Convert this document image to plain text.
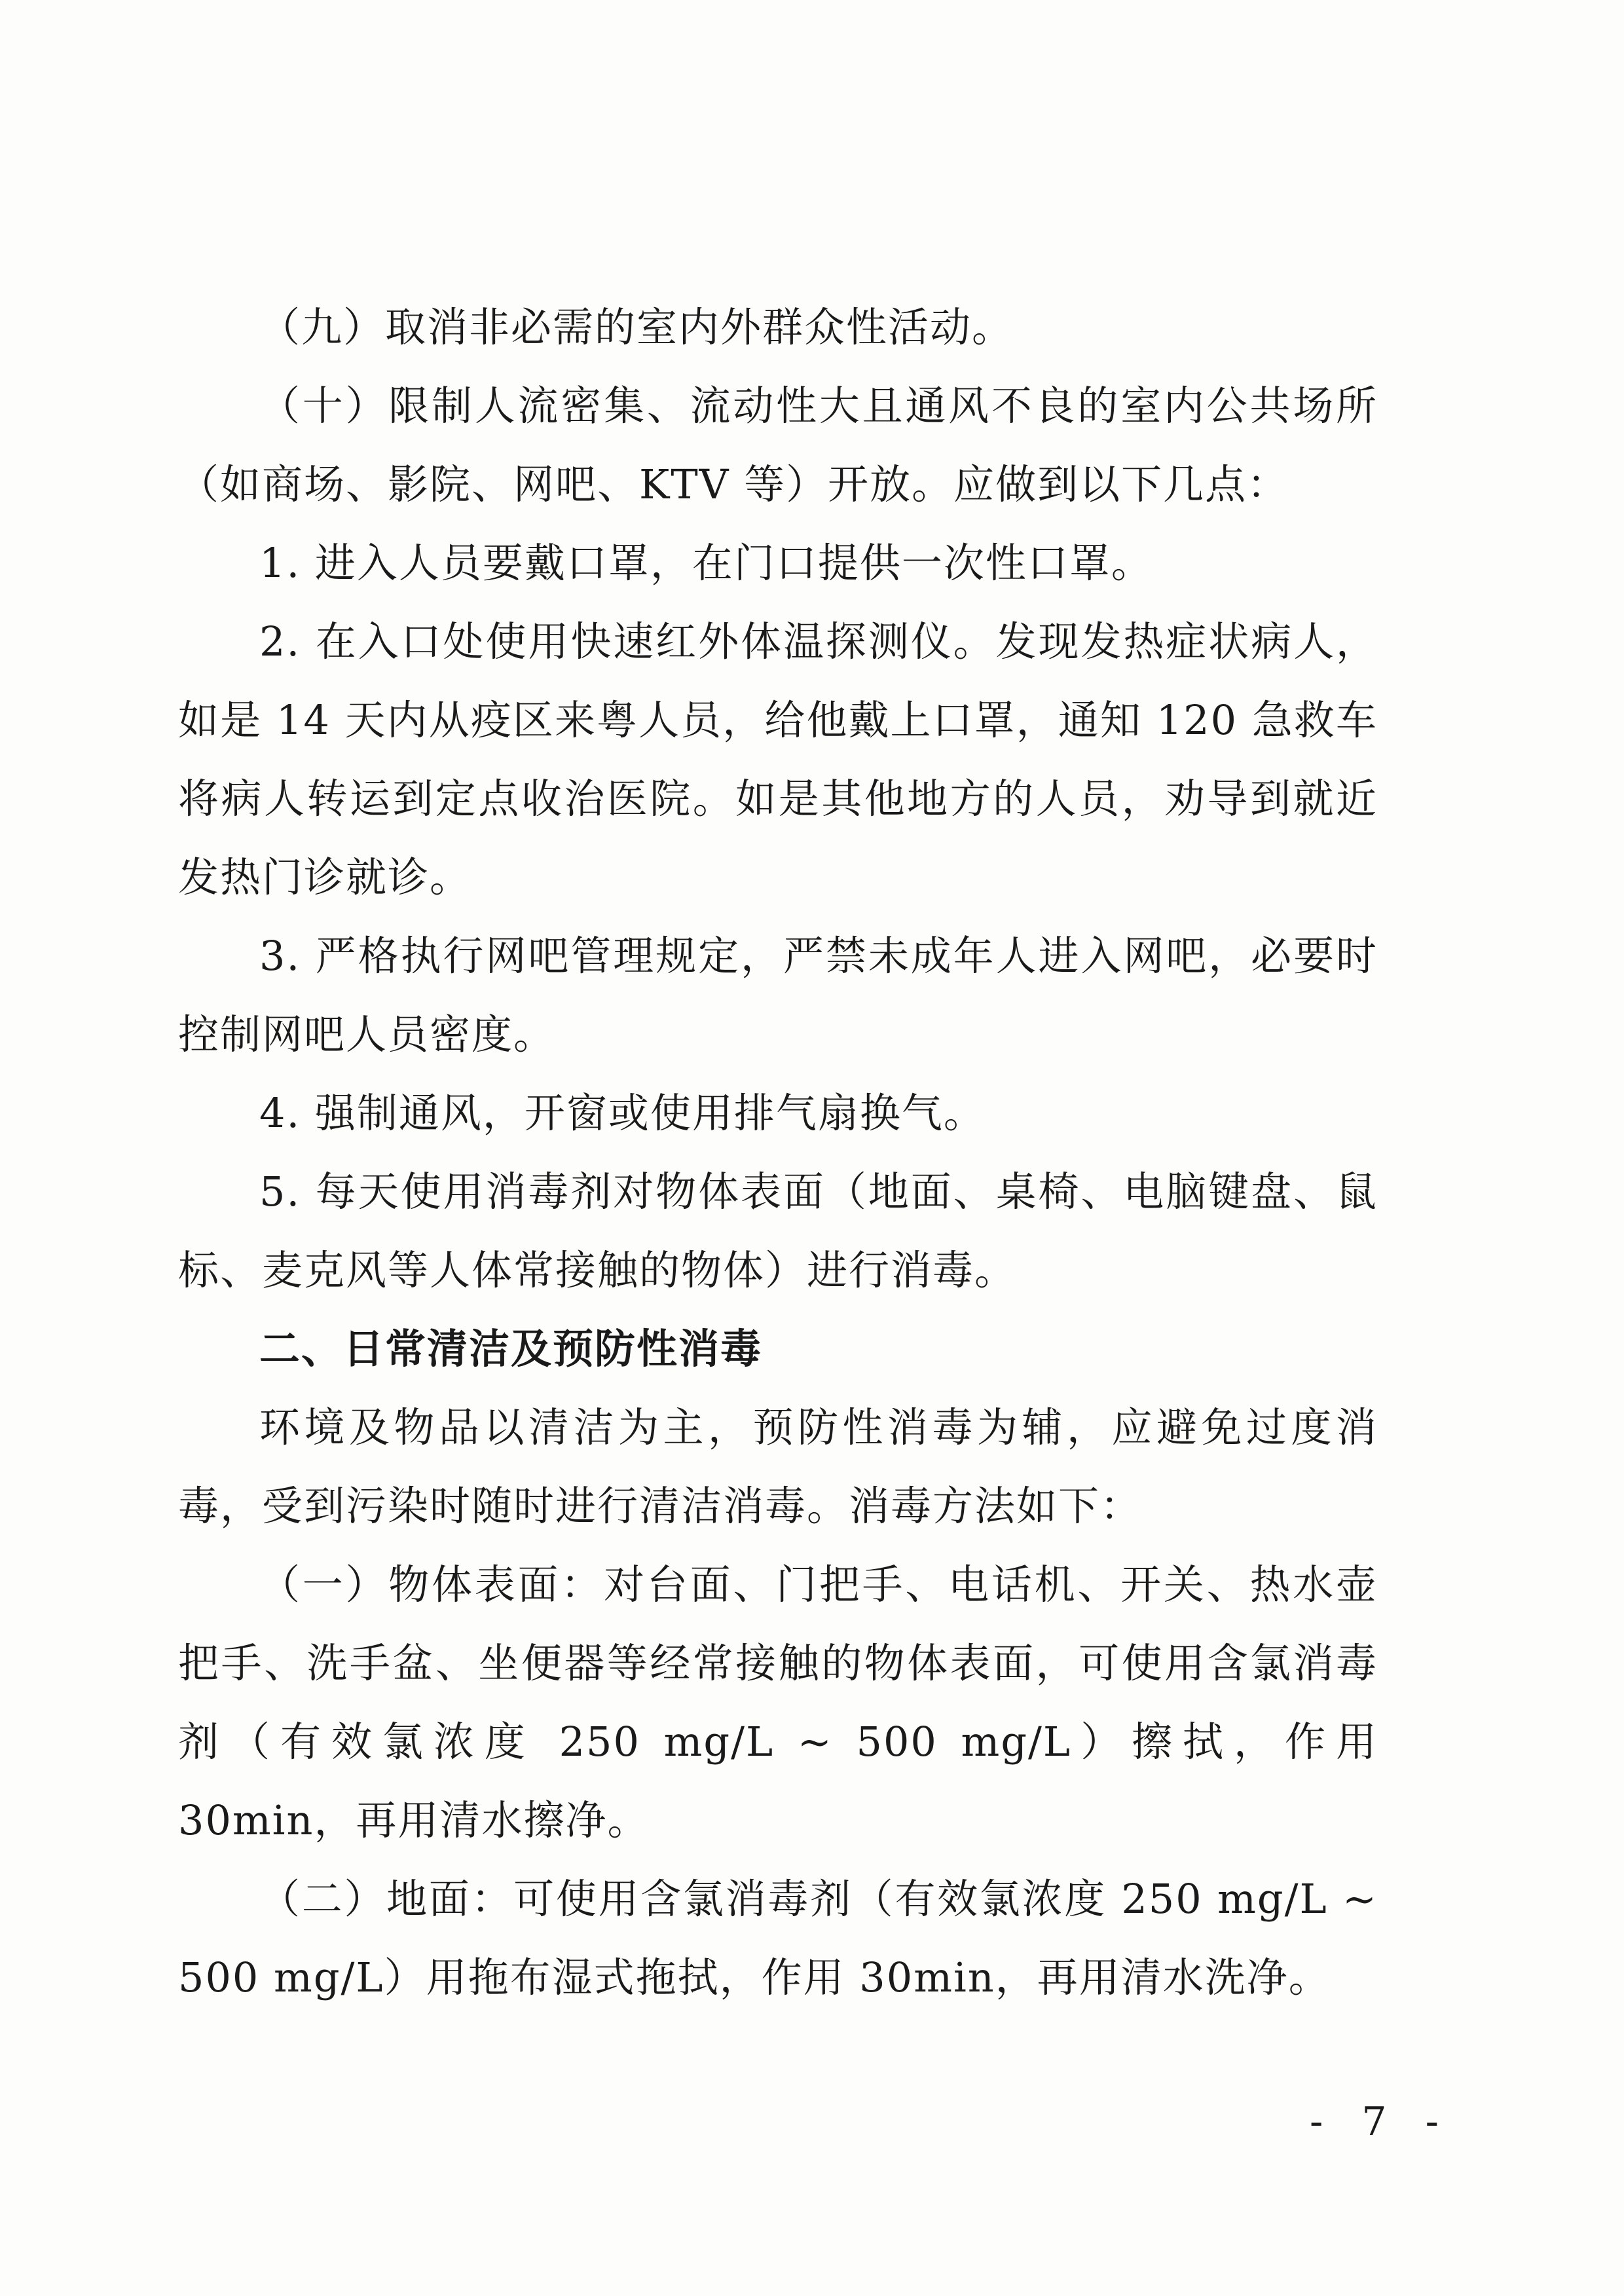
（九）取消非必需的室内外群众性活动。

（十）限制人流密集、流动性大且通风不良的室内公共场所（如商场、影院、网吧、KTV 等）开放。应做到以下几点：

1. 进入人员要戴口罩，在门口提供一次性口罩。

2. 在入口处使用快速红外体温探测仪。发现发热症状病人，如是 14 天内从疫区来粤人员，给他戴上口罩，通知 120 急救车将病人转运到定点收治医院。如是其他地方的人员，劝导到就近发热门诊就诊。

3. 严格执行网吧管理规定，严禁未成年人进入网吧，必要时控制网吧人员密度。

4. 强制通风，开窗或使用排气扇换气。

5. 每天使用消毒剂对物体表面（地面、桌椅、电脑键盘、鼠标、麦克风等人体常接触的物体）进行消毒。

二、日常清洁及预防性消毒

环境及物品以清洁为主，预防性消毒为辅，应避免过度消毒，受到污染时随时进行清洁消毒。消毒方法如下：

（一）物体表面：对台面、门把手、电话机、开关、热水壶把手、洗手盆、坐便器等经常接触的物体表面，可使用含氯消毒剂（有效氯浓度 250 mg/L ~ 500 mg/L）擦拭，作用 30min，再用清水擦净。

（二）地面：可使用含氯消毒剂（有效氯浓度 250 mg/L ~ 500 mg/L）用拖布湿式拖拭，作用 30min，再用清水洗净。

- 7 -
